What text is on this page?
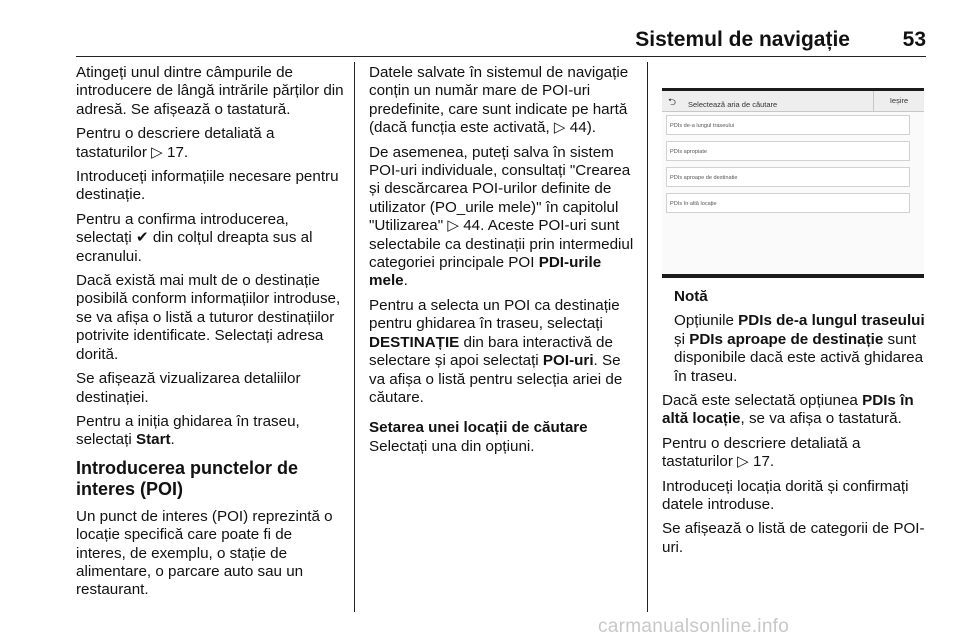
Sistemul de navigație	53

Atingeți unul dintre câmpurile de introducere de lângă intrările părților din adresă. Se afișează o tastatură.

Pentru o descriere detaliată a tastaturilor ▷ 17.

Introduceți informațiile necesare pentru destinație.

Pentru a confirma introducerea, selectați ✔ din colțul dreapta sus al ecranului.

Dacă există mai mult de o destinație posibilă conform informațiilor introduse, se va afișa o listă a tuturor destinațiilor potrivite identificate. Selectați adresa dorită.

Se afișează vizualizarea detaliilor destinației.

Pentru a iniția ghidarea în traseu, selectați Start.

Introducerea punctelor de interes (POI)

Un punct de interes (POI) reprezintă o locație specifică care poate fi de interes, de exemplu, o stație de alimentare, o parcare auto sau un restaurant.

Datele salvate în sistemul de navigație conțin un număr mare de POI-uri predefinite, care sunt indicate pe hartă (dacă funcția este activată, ▷ 44).

De asemenea, puteți salva în sistem POI-uri individuale, consultați "Crearea și descărcarea POI-urilor definite de utilizator (PO_urile mele)" în capitolul "Utilizarea" ▷ 44. Aceste POI-uri sunt selectabile ca destinații prin intermediul categoriei principale POI PDI-urile mele.

Pentru a selecta un POI ca destinație pentru ghidarea în traseu, selectați DESTINAȚIE din bara interactivă de selectare și apoi selectați POI-uri. Se va afișa o listă pentru selecția ariei de căutare.

Setarea unei locații de căutare

Selectați una din opțiuni.

⮌ Selectează aria de căutare	Ieșire
PDIs de-a lungul traseului
PDIs apropiate
PDIs aproape de destinatie
PDIs în altă locație

Notă

Opțiunile PDIs de-a lungul traseului și PDIs aproape de destinație sunt disponibile dacă este activă ghidarea în traseu.

Dacă este selectată opțiunea PDIs în altă locație, se va afișa o tastatură.

Pentru o descriere detaliată a tastaturilor ▷ 17.

Introduceți locația dorită și confirmați datele introduse.

Se afișează o listă de categorii de POI-uri.

carmanualsonline.info
